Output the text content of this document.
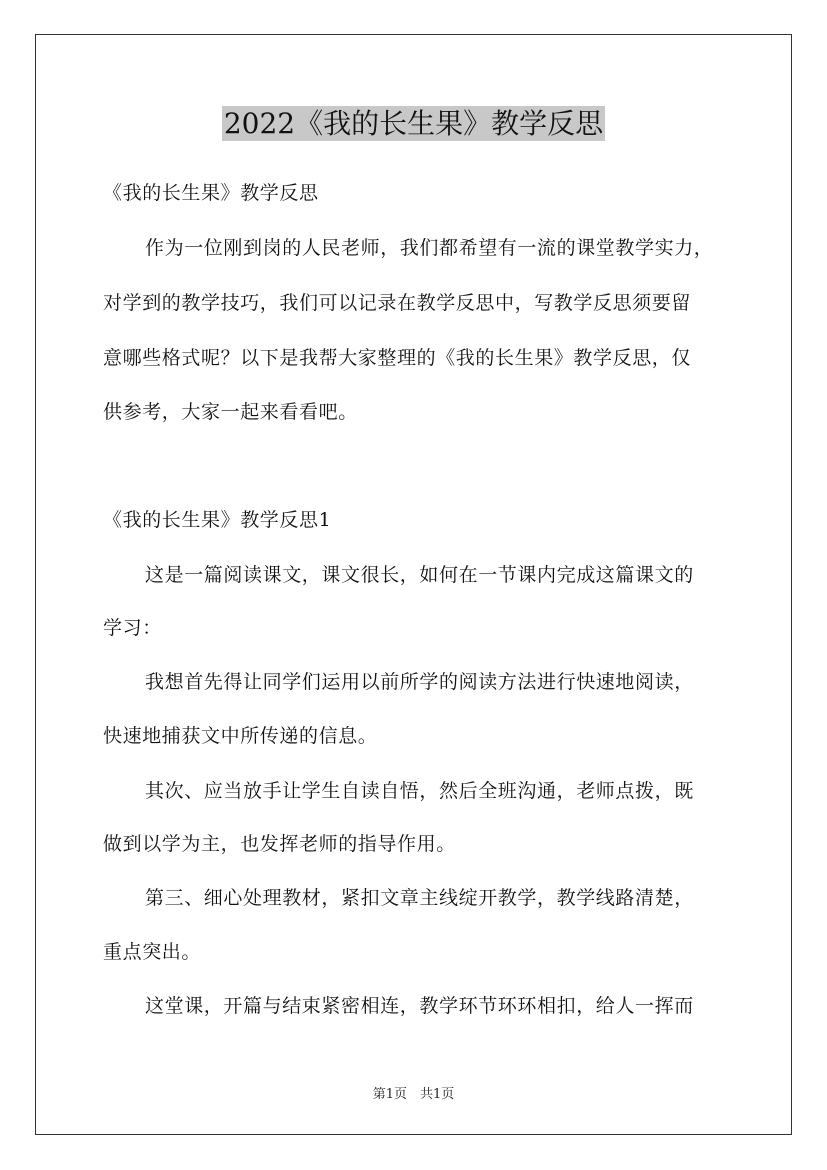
2022《我的长生果》教学反思

《我的长生果》教学反思

作为一位刚到岗的人民老师，我们都希望有一流的课堂教学实力，

对学到的教学技巧，我们可以记录在教学反思中，写教学反思须要留

意哪些格式呢？以下是我帮大家整理的《我的长生果》教学反思，仅

供参考，大家一起来看看吧。

《我的长生果》教学反思1

这是一篇阅读课文，课文很长，如何在一节课内完成这篇课文的

学习：

我想首先得让同学们运用以前所学的阅读方法进行快速地阅读，

快速地捕获文中所传递的信息。

其次、应当放手让学生自读自悟，然后全班沟通，老师点拨，既

做到以学为主，也发挥老师的指导作用。

第三、细心处理教材，紧扣文章主线绽开教学，教学线路清楚，

重点突出。

这堂课，开篇与结束紧密相连，教学环节环环相扣，给人一挥而

第1页　共1页
